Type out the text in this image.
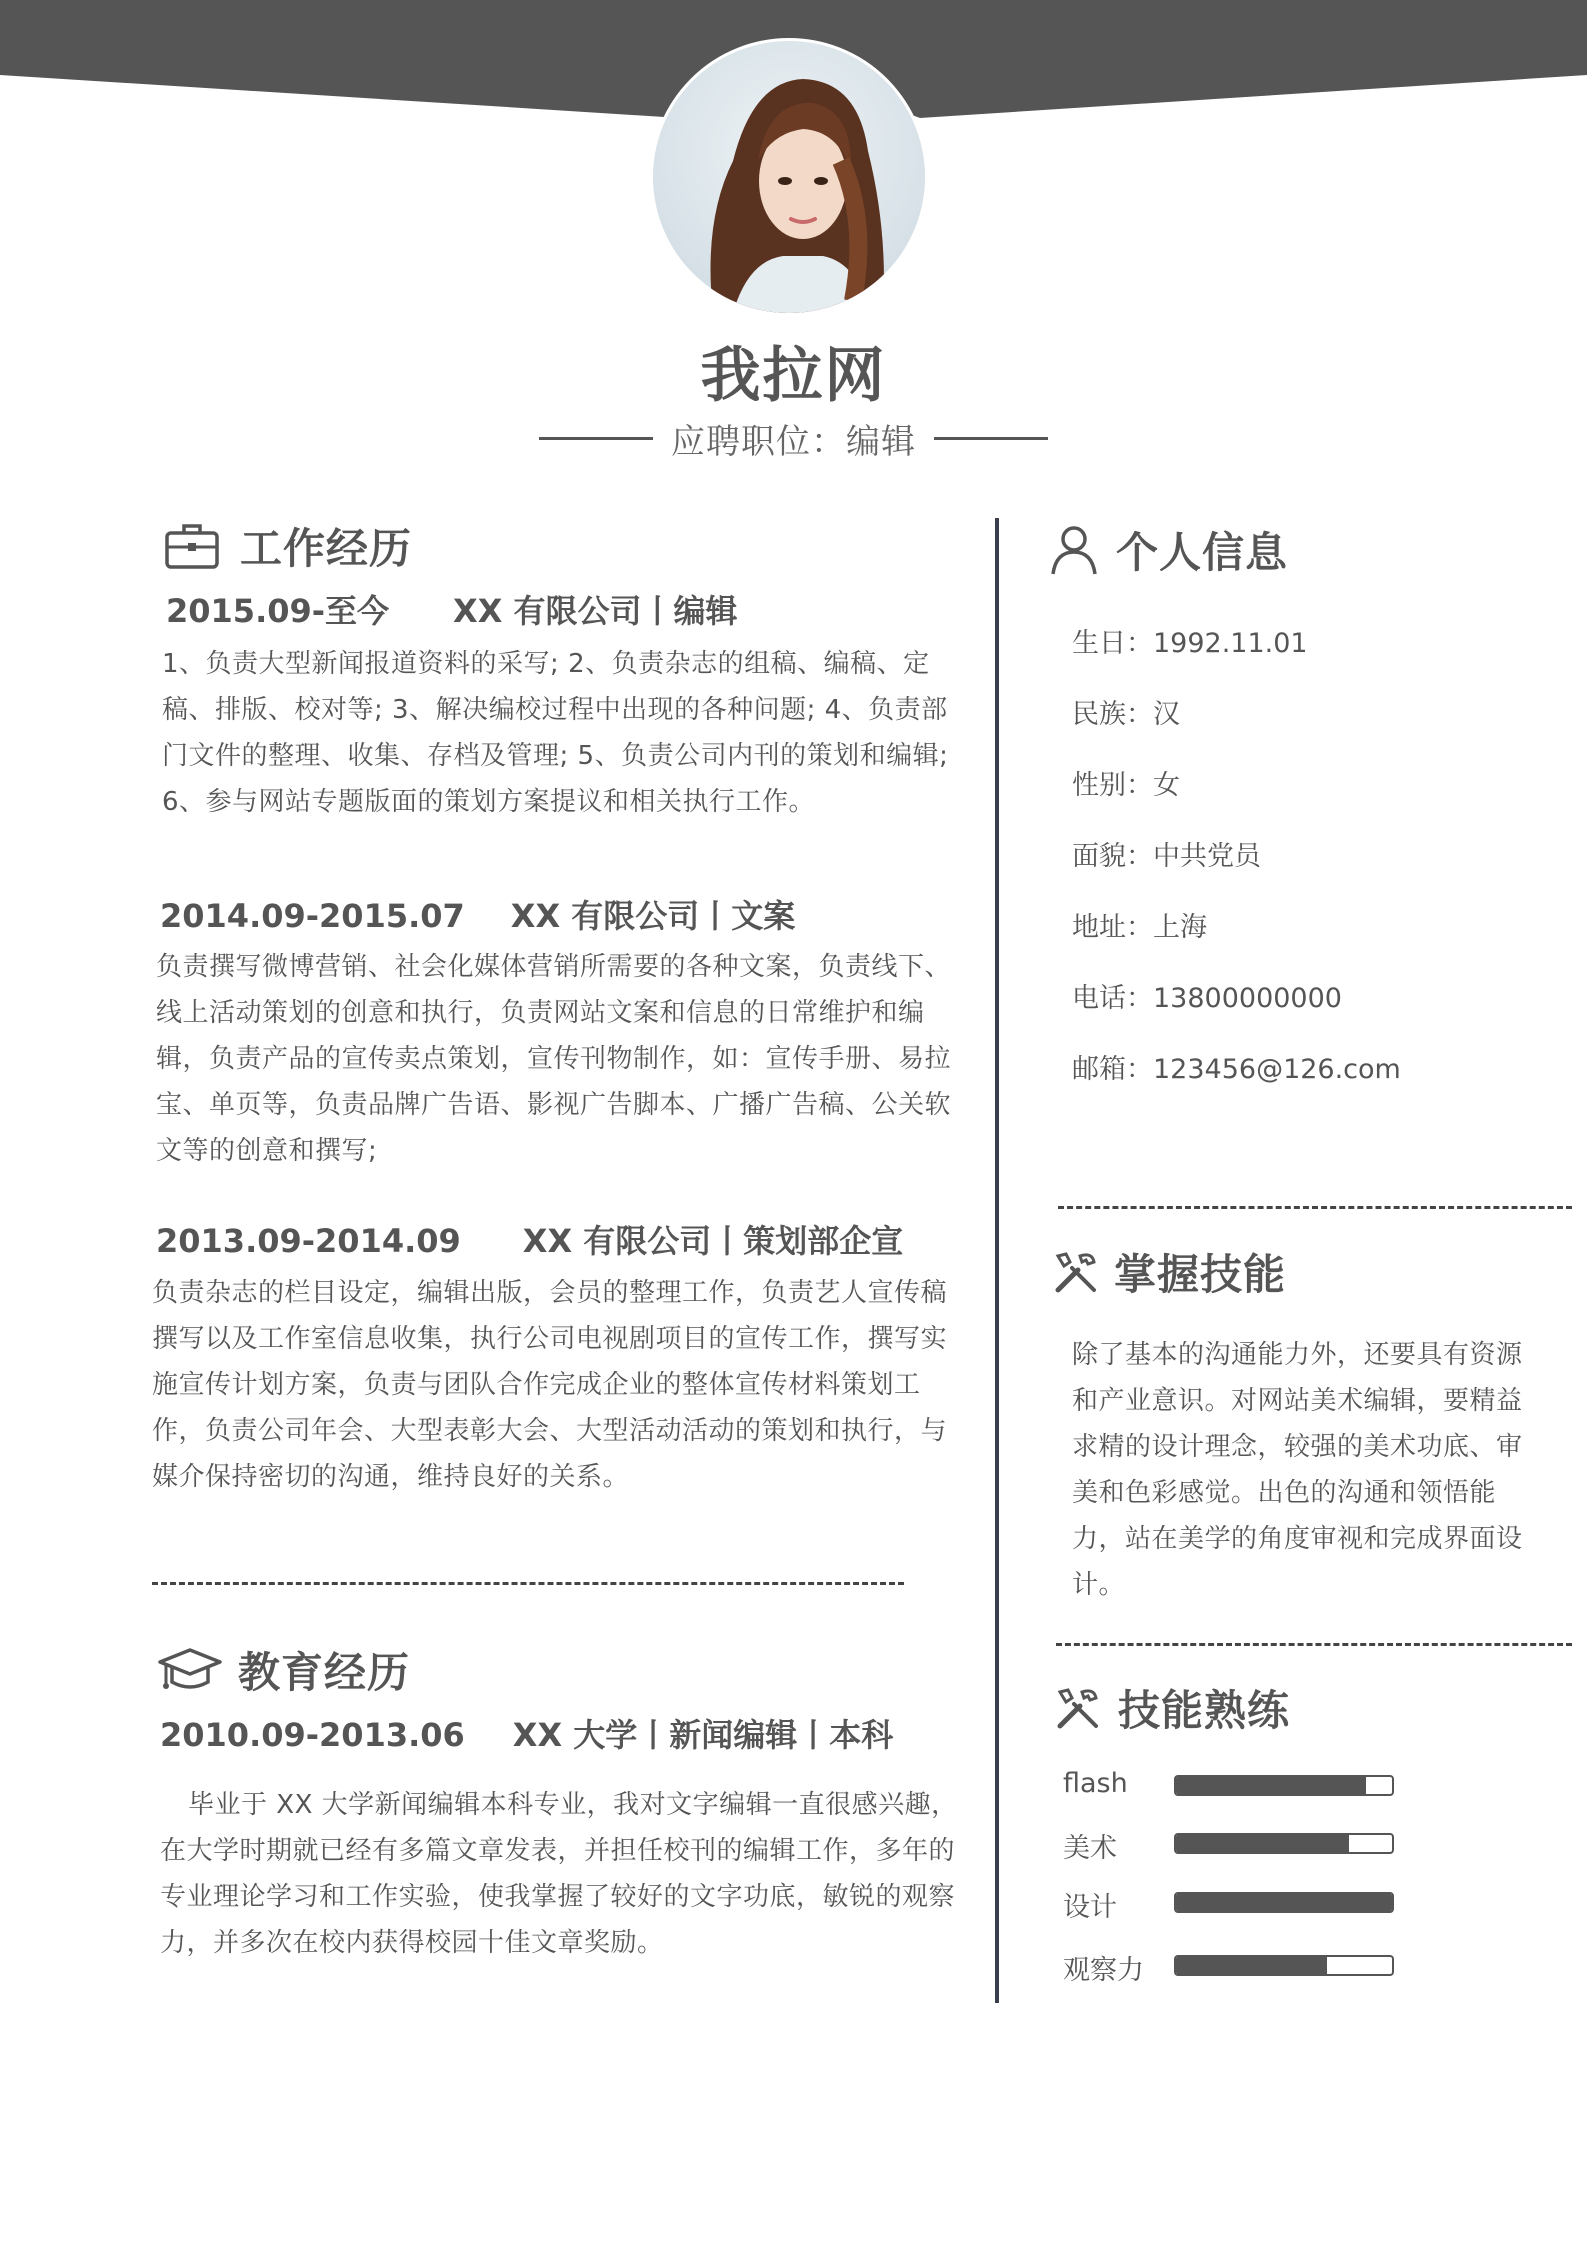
我拉网
应聘职位：编辑
工作经历
2015.09-至今 XX 有限公司丨编辑
1、负责大型新闻报道资料的采写; 2、负责杂志的组稿、编稿、定稿、排版、校对等; 3、解决编校过程中出现的各种问题; 4、负责部门文件的整理、收集、存档及管理; 5、负责公司内刊的策划和编辑; 6、参与网站专题版面的策划方案提议和相关执行工作。
2014.09-2015.07 XX 有限公司丨文案
负责撰写微博营销、社会化媒体营销所需要的各种文案，负责线下、线上活动策划的创意和执行，负责网站文案和信息的日常维护和编辑，负责产品的宣传卖点策划，宣传刊物制作，如：宣传手册、易拉宝、单页等，负责品牌广告语、影视广告脚本、广播广告稿、公关软文等的创意和撰写;
2013.09-2014.09 XX 有限公司丨策划部企宣
负责杂志的栏目设定，编辑出版，会员的整理工作，负责艺人宣传稿撰写以及工作室信息收集，执行公司电视剧项目的宣传工作，撰写实施宣传计划方案，负责与团队合作完成企业的整体宣传材料策划工作，负责公司年会、大型表彰大会、大型活动活动的策划和执行，与媒介保持密切的沟通，维持良好的关系。
教育经历
2010.09-2013.06 XX 大学丨新闻编辑丨本科
毕业于 XX 大学新闻编辑本科专业，我对文字编辑一直很感兴趣，在大学时期就已经有多篇文章发表，并担任校刊的编辑工作，多年的专业理论学习和工作实验，使我掌握了较好的文字功底，敏锐的观察力，并多次在校内获得校园十佳文章奖励。
个人信息
生日：1992.11.01
民族：汉
性别：女
面貌：中共党员
地址：上海
电话：13800000000
邮箱：123456@126.com
掌握技能
除了基本的沟通能力外，还要具有资源和产业意识。对网站美术编辑，要精益求精的设计理念，较强的美术功底、审美和色彩感觉。出色的沟通和领悟能力，站在美学的角度审视和完成界面设计。
技能熟练
flash
美术
设计
观察力
